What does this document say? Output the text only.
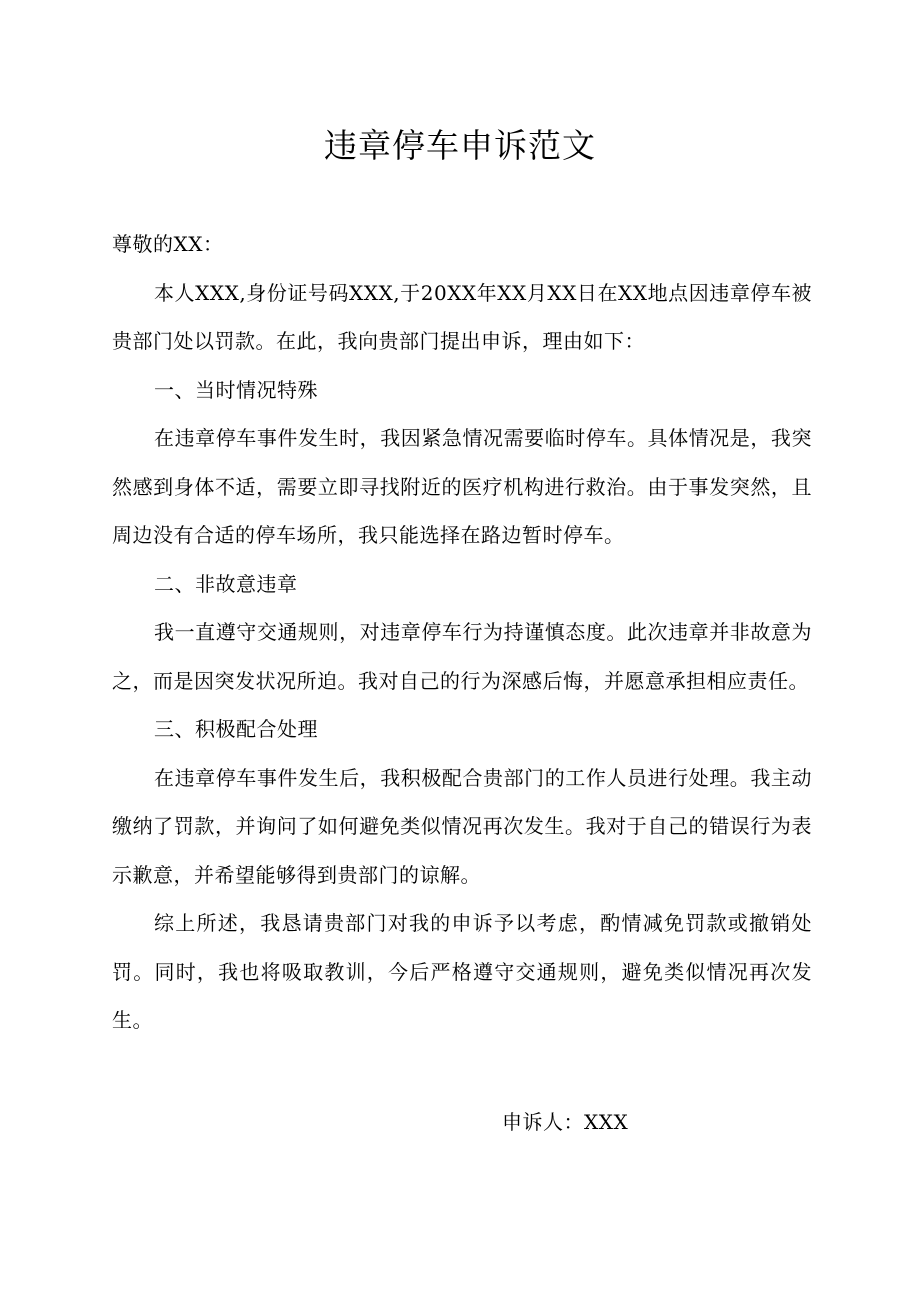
违章停车申诉范文

尊敬的XX：

本人XXX,身份证号码XXX,于20XX年XX月XX日在XX地点因违章停车被贵部门处以罚款。在此，我向贵部门提出申诉，理由如下：

一、当时情况特殊

在违章停车事件发生时，我因紧急情况需要临时停车。具体情况是，我突然感到身体不适，需要立即寻找附近的医疗机构进行救治。由于事发突然，且周边没有合适的停车场所，我只能选择在路边暂时停车。

二、非故意违章

我一直遵守交通规则，对违章停车行为持谨慎态度。此次违章并非故意为之，而是因突发状况所迫。我对自己的行为深感后悔，并愿意承担相应责任。

三、积极配合处理

在违章停车事件发生后，我积极配合贵部门的工作人员进行处理。我主动缴纳了罚款，并询问了如何避免类似情况再次发生。我对于自己的错误行为表示歉意，并希望能够得到贵部门的谅解。

综上所述，我恳请贵部门对我的申诉予以考虑，酌情减免罚款或撤销处罚。同时，我也将吸取教训，今后严格遵守交通规则，避免类似情况再次发生。

申诉人：XXX
